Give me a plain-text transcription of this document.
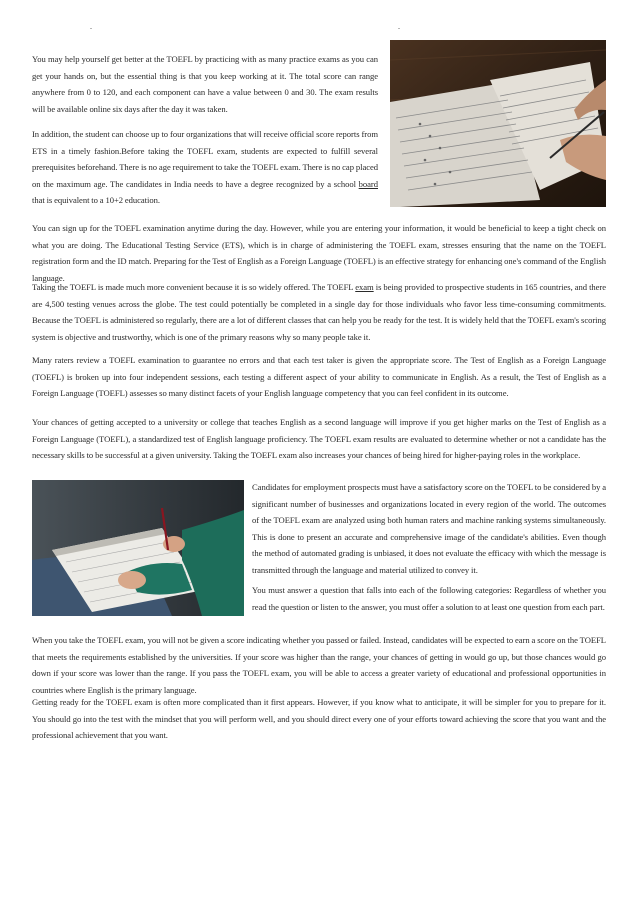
.	.

You may help yourself get better at the TOEFL by practicing with as many practice exams as you can get your hands on, but the essential thing is that you keep working at it. The total score can range anywhere from 0 to 120, and each component can have a value between 0 and 30. The exam results will be available online six days after the day it was taken.

In addition, the student can choose up to four organizations that will receive official score reports from ETS in a timely fashion.Before taking the TOEFL exam, students are expected to fulfill several prerequisites beforehand. There is no age requirement to take the TOEFL exam. There is no cap placed on the maximum age. The candidates in India needs to have a degree recognized by a school board that is equivalent to a 10+2 education.

You can sign up for the TOEFL examination anytime during the day. However, while you are entering your information, it would be beneficial to keep a tight check on what you are doing. The Educational Testing Service (ETS), which is in charge of administering the TOEFL exam, stresses ensuring that the name on the TOEFL registration form and the ID match. Preparing for the Test of English as a Foreign Language (TOEFL) is an effective strategy for enhancing one's command of the English language.

Taking the TOEFL is made much more convenient because it is so widely offered. The TOEFL exam is being provided to prospective students in 165 countries, and there are 4,500 testing venues across the globe. The test could potentially be completed in a single day for those individuals who favor less time-consuming commitments. Because the TOEFL is administered so regularly, there are a lot of different classes that can help you be ready for the test. It is widely held that the TOEFL exam's scoring system is objective and trustworthy, which is one of the primary reasons why so many people take it.

Many raters review a TOEFL examination to guarantee no errors and that each test taker is given the appropriate score. The Test of English as a Foreign Language (TOEFL) is broken up into four independent sessions, each testing a different aspect of your ability to communicate in English. As a result, the Test of English as a Foreign Language (TOEFL) assesses so many distinct facets of your English language competency that you can feel confident in its outcome.

Your chances of getting accepted to a university or college that teaches English as a second language will improve if you get higher marks on the Test of English as a Foreign Language (TOEFL), a standardized test of English language proficiency. The TOEFL exam results are evaluated to determine whether or not a candidate has the necessary skills to be successful at a given university. Taking the TOEFL exam also increases your chances of being hired for higher-paying roles in the workplace.

Candidates for employment prospects must have a satisfactory score on the TOEFL to be considered by a significant number of businesses and organizations located in every region of the world. The outcomes of the TOEFL exam are analyzed using both human raters and machine ranking systems simultaneously. This is done to present an accurate and comprehensive image of the candidate's abilities. Even though the method of automated grading is unbiased, it does not evaluate the efficacy with which the message is transmitted through the language and material utilized to convey it.

You must answer a question that falls into each of the following categories: Regardless of whether you read the question or listen to the answer, you must offer a solution to at least one question from each part.

When you take the TOEFL exam, you will not be given a score indicating whether you passed or failed. Instead, candidates will be expected to earn a score on the TOEFL that meets the requirements established by the universities. If your score was higher than the range, your chances of getting in would go up, but those chances would go down if your score was lower than the range. If you pass the TOEFL exam, you will be able to access a greater variety of educational and professional opportunities in countries where English is the primary language.

Getting ready for the TOEFL exam is often more complicated than it first appears. However, if you know what to anticipate, it will be simpler for you to prepare for it. You should go into the test with the mindset that you will perform well, and you should direct every one of your efforts toward achieving the score that you want and the professional achievement that you want.
